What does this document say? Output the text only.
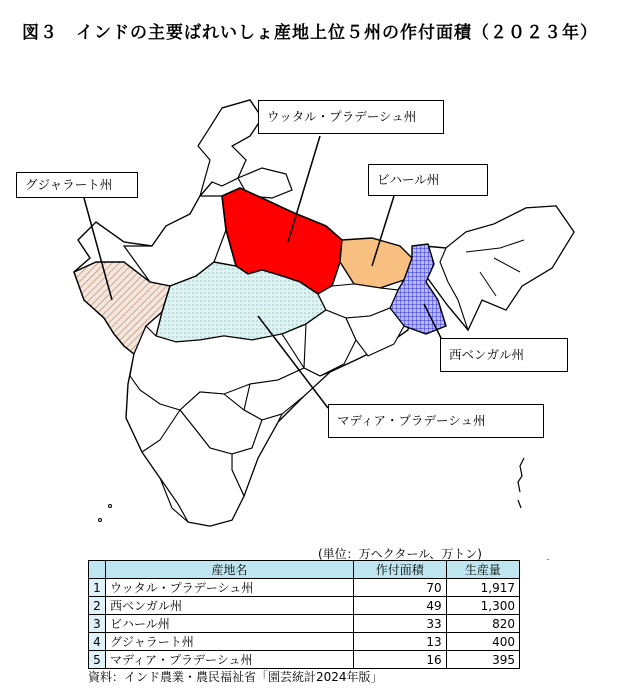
図３　インドの主要ばれいしょ産地上位５州の作付面積（２０２３年）
ウッタル・プラデーシュ州
グジャラート州	ビハール州
西ベンガル州
マディア・プラデーシュ州
(単位：万ヘクタール、万トン)
	産地名	作付面積	生産量
1	ウッタル・プラデーシュ州	70	1,917
2	西ベンガル州	49	1,300
3	ビハール州	33	820
4	グジャラート州	13	400
5	マディア・プラデーシュ州	16	395
資料：インド農業・農民福祉省「園芸統計2024年版」
